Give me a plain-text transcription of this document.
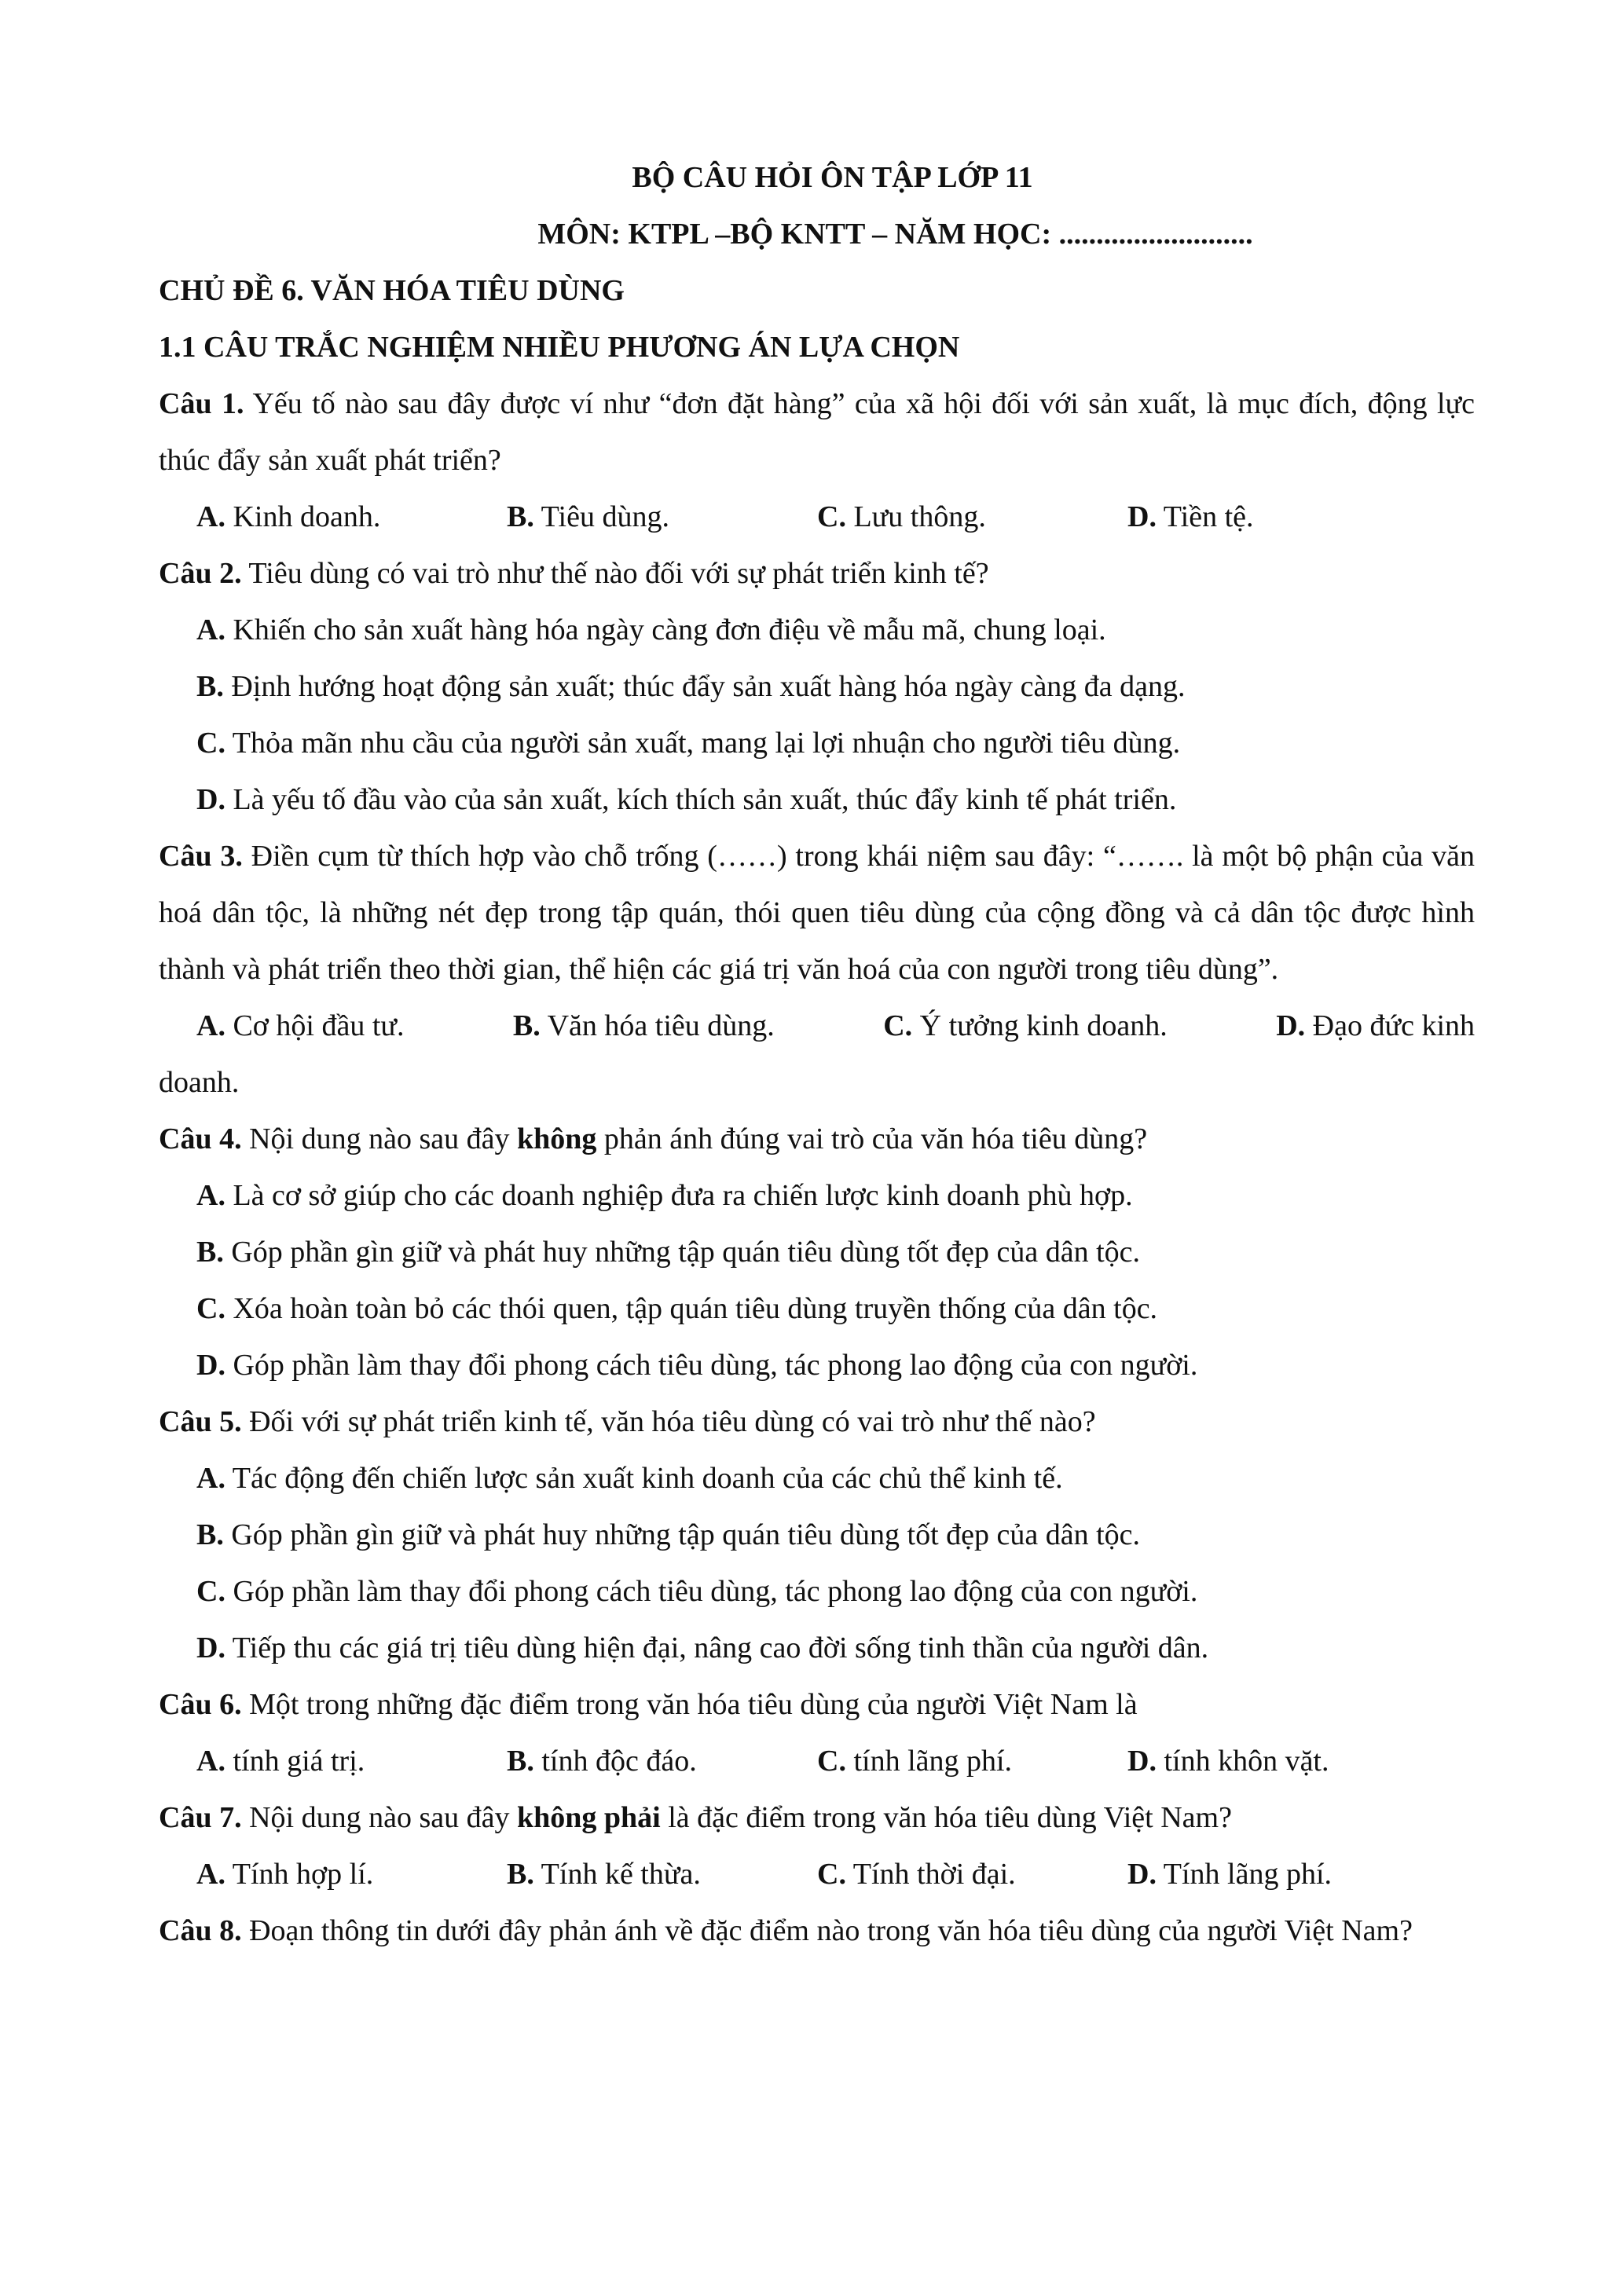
BỘ CÂU HỎI ÔN TẬP LỚP 11

MÔN: KTPL –BỘ KNTT – NĂM HỌC: ..........................

CHỦ ĐỀ 6. VĂN HÓA TIÊU DÙNG

1.1 CÂU TRẮC NGHIỆM NHIỀU PHƯƠNG ÁN LỰA CHỌN

Câu 1. Yếu tố nào sau đây được ví như “đơn đặt hàng” của xã hội đối với sản xuất, là mục đích, động lực thúc đẩy sản xuất phát triển?

A. Kinh doanh.	B. Tiêu dùng.	C. Lưu thông.	D. Tiền tệ.

Câu 2. Tiêu dùng có vai trò như thế nào đối với sự phát triển kinh tế?

A. Khiến cho sản xuất hàng hóa ngày càng đơn điệu về mẫu mã, chung loại.

B. Định hướng hoạt động sản xuất; thúc đẩy sản xuất hàng hóa ngày càng đa dạng.

C. Thỏa mãn nhu cầu của người sản xuất, mang lại lợi nhuận cho người tiêu dùng.

D. Là yếu tố đầu vào của sản xuất, kích thích sản xuất, thúc đẩy kinh tế phát triển.

Câu 3. Điền cụm từ thích hợp vào chỗ trống (……) trong khái niệm sau đây: “……. là một bộ phận của văn hoá dân tộc, là những nét đẹp trong tập quán, thói quen tiêu dùng của cộng đồng và cả dân tộc được hình thành và phát triển theo thời gian, thể hiện các giá trị văn hoá của con người trong tiêu dùng”.

A. Cơ hội đầu tư.	B. Văn hóa tiêu dùng.	C. Ý tưởng kinh doanh.	D. Đạo đức kinh

doanh.

Câu 4. Nội dung nào sau đây không phản ánh đúng vai trò của văn hóa tiêu dùng?

A. Là cơ sở giúp cho các doanh nghiệp đưa ra chiến lược kinh doanh phù hợp.

B. Góp phần gìn giữ và phát huy những tập quán tiêu dùng tốt đẹp của dân tộc.

C. Xóa hoàn toàn bỏ các thói quen, tập quán tiêu dùng truyền thống của dân tộc.

D. Góp phần làm thay đổi phong cách tiêu dùng, tác phong lao động của con người.

Câu 5. Đối với sự phát triển kinh tế, văn hóa tiêu dùng có vai trò như thế nào?

A. Tác động đến chiến lược sản xuất kinh doanh của các chủ thể kinh tế.

B. Góp phần gìn giữ và phát huy những tập quán tiêu dùng tốt đẹp của dân tộc.

C. Góp phần làm thay đổi phong cách tiêu dùng, tác phong lao động của con người.

D. Tiếp thu các giá trị tiêu dùng hiện đại, nâng cao đời sống tinh thần của người dân.

Câu 6. Một trong những đặc điểm trong văn hóa tiêu dùng của người Việt Nam là

A. tính giá trị.	B. tính độc đáo.	C. tính lãng phí.	D. tính khôn vặt.

Câu 7. Nội dung nào sau đây không phải là đặc điểm trong văn hóa tiêu dùng Việt Nam?

A. Tính hợp lí.	B. Tính kế thừa.	C. Tính thời đại.	D. Tính lãng phí.

Câu 8. Đoạn thông tin dưới đây phản ánh về đặc điểm nào trong văn hóa tiêu dùng của người Việt Nam?
